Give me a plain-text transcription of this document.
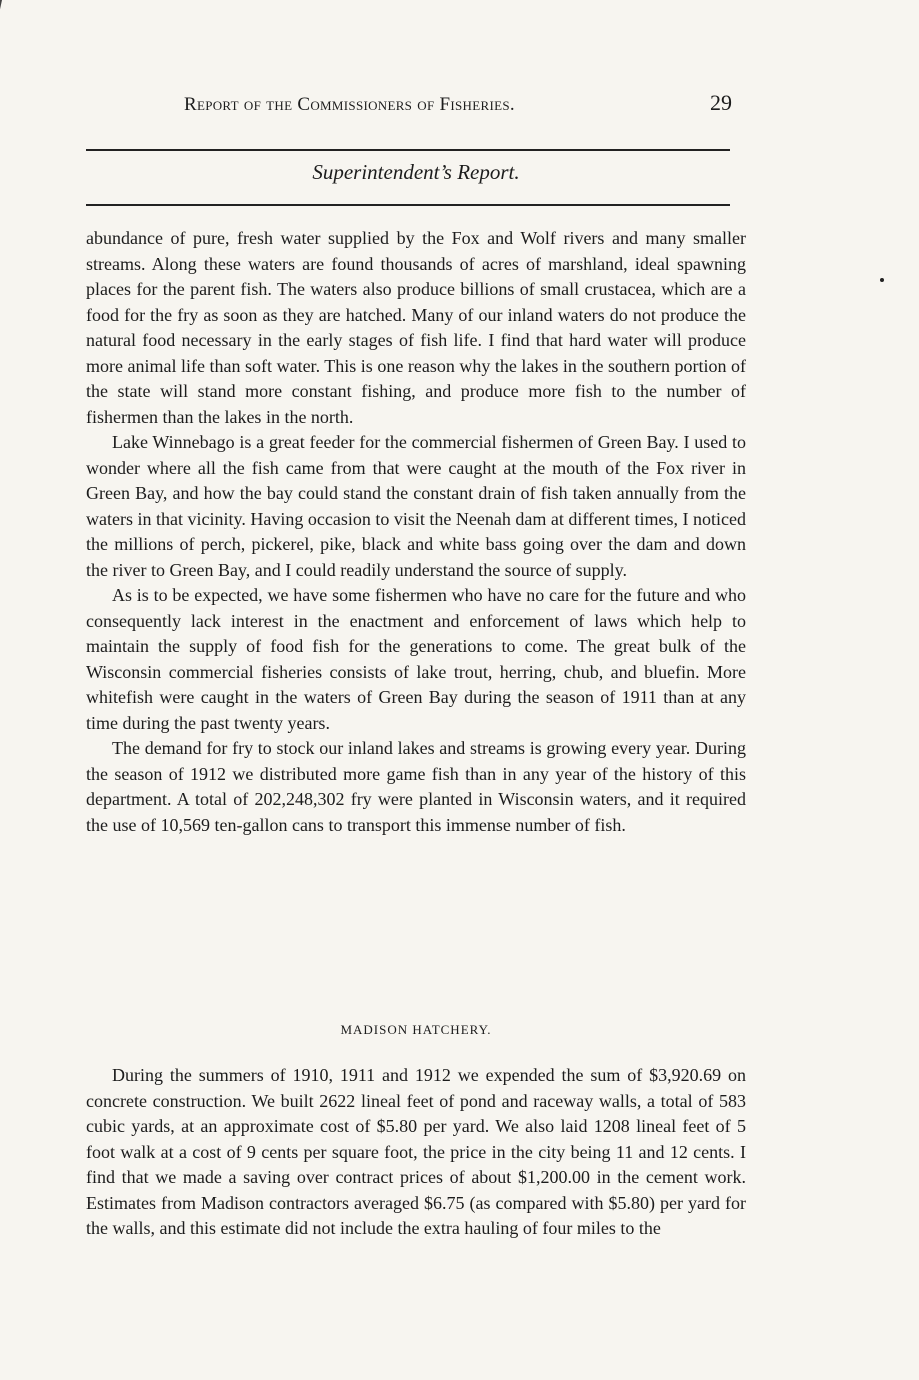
Report of the Commissioners of Fisheries.	29
Superintendent’s Report.

abundance of pure, fresh water supplied by the Fox and Wolf rivers and many smaller streams. Along these waters are found thousands of acres of marshland, ideal spawning places for the parent fish. The waters also produce billions of small crustacea, which are a food for the fry as soon as they are hatched. Many of our inland waters do not produce the natural food necessary in the early stages of fish life. I find that hard water will produce more animal life than soft water. This is one reason why the lakes in the southern portion of the state will stand more constant fishing, and produce more fish to the number of fishermen than the lakes in the north.

Lake Winnebago is a great feeder for the commercial fishermen of Green Bay. I used to wonder where all the fish came from that were caught at the mouth of the Fox river in Green Bay, and how the bay could stand the constant drain of fish taken annually from the waters in that vicinity. Having occasion to visit the Neenah dam at different times, I noticed the millions of perch, pickerel, pike, black and white bass going over the dam and down the river to Green Bay, and I could readily understand the source of supply.

As is to be expected, we have some fishermen who have no care for the future and who consequently lack interest in the enactment and enforcement of laws which help to maintain the supply of food fish for the generations to come. The great bulk of the Wisconsin commercial fisheries consists of lake trout, herring, chub, and bluefin. More whitefish were caught in the waters of Green Bay during the season of 1911 than at any time during the past twenty years.

The demand for fry to stock our inland lakes and streams is growing every year. During the season of 1912 we distributed more game fish than in any year of the history of this department. A total of 202,248,302 fry were planted in Wisconsin waters, and it required the use of 10,569 ten-gallon cans to transport this immense number of fish.

MADISON HATCHERY.

During the summers of 1910, 1911 and 1912 we expended the sum of $3,920.69 on concrete construction. We built 2622 lineal feet of pond and raceway walls, a total of 583 cubic yards, at an approximate cost of $5.80 per yard. We also laid 1208 lineal feet of 5 foot walk at a cost of 9 cents per square foot, the price in the city being 11 and 12 cents. I find that we made a saving over contract prices of about $1,200.00 in the cement work. Estimates from Madison contractors averaged $6.75 (as compared with $5.80) per yard for the walls, and this estimate did not include the extra hauling of four miles to the
